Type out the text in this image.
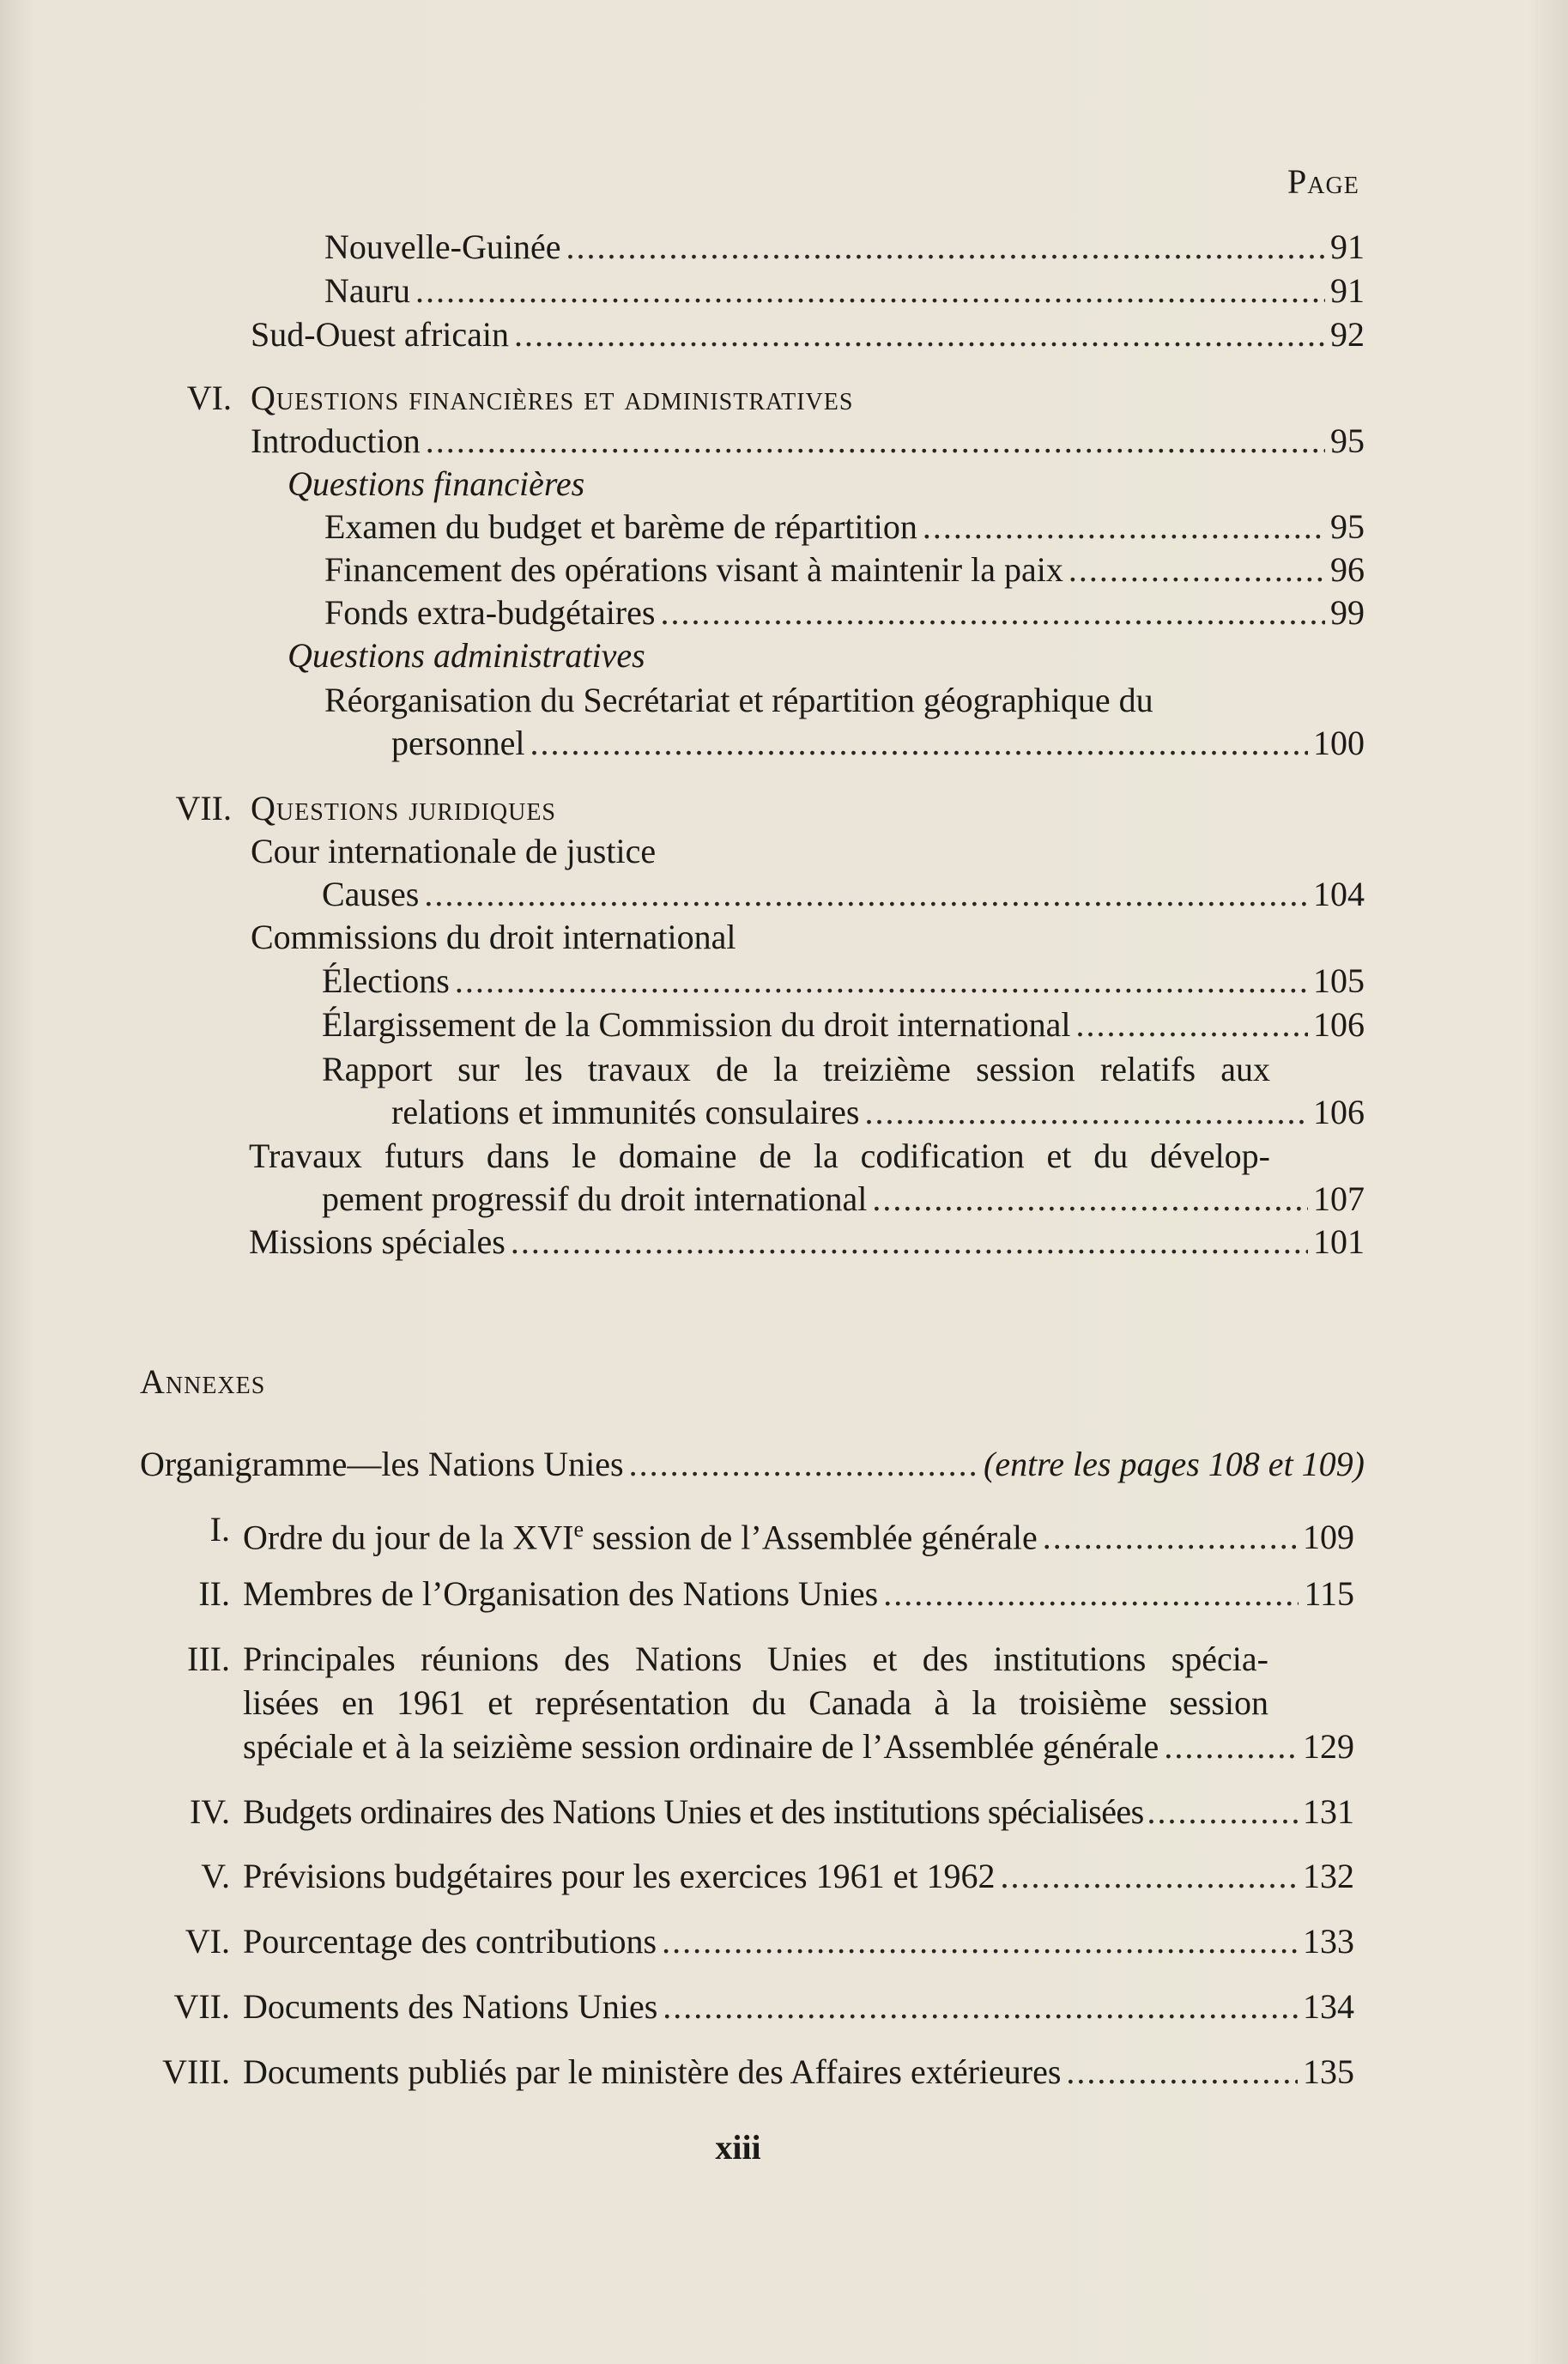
Page
Nouvelle-Guinée .....	91
Nauru .....	91
Sud-Ouest africain .....	92
VI. Questions financières et administratives
Introduction .....	95
Questions financières
Examen du budget et barème de répartition .....	95
Financement des opérations visant à maintenir la paix .....	96
Fonds extra-budgétaires .....	99
Questions administratives
Réorganisation du Secrétariat et répartition géographique du
personnel .....	100
VII. Questions juridiques
Cour internationale de justice
Causes .....	104
Commissions du droit international
Élections .....	105
Élargissement de la Commission du droit international .....	106
Rapport sur les travaux de la treizième session relatifs aux
relations et immunités consulaires .....	106
Travaux futurs dans le domaine de la codification et du dévelop-
pement progressif du droit international .....	107
Missions spéciales .....	101
Annexes
Organigramme—les Nations Unies .....	(entre les pages 108 et 109)
I. Ordre du jour de la XVIe session de l’Assemblée générale .....	109
II. Membres de l’Organisation des Nations Unies .....	115
III. Principales réunions des Nations Unies et des institutions spécia-
lisées en 1961 et représentation du Canada à la troisième session
spéciale et à la seizième session ordinaire de l’Assemblée générale .....	129
IV. Budgets ordinaires des Nations Unies et des institutions spécialisées .....	131
V. Prévisions budgétaires pour les exercices 1961 et 1962 .....	132
VI. Pourcentage des contributions .....	133
VII. Documents des Nations Unies .....	134
VIII. Documents publiés par le ministère des Affaires extérieures .....	135
xiii
